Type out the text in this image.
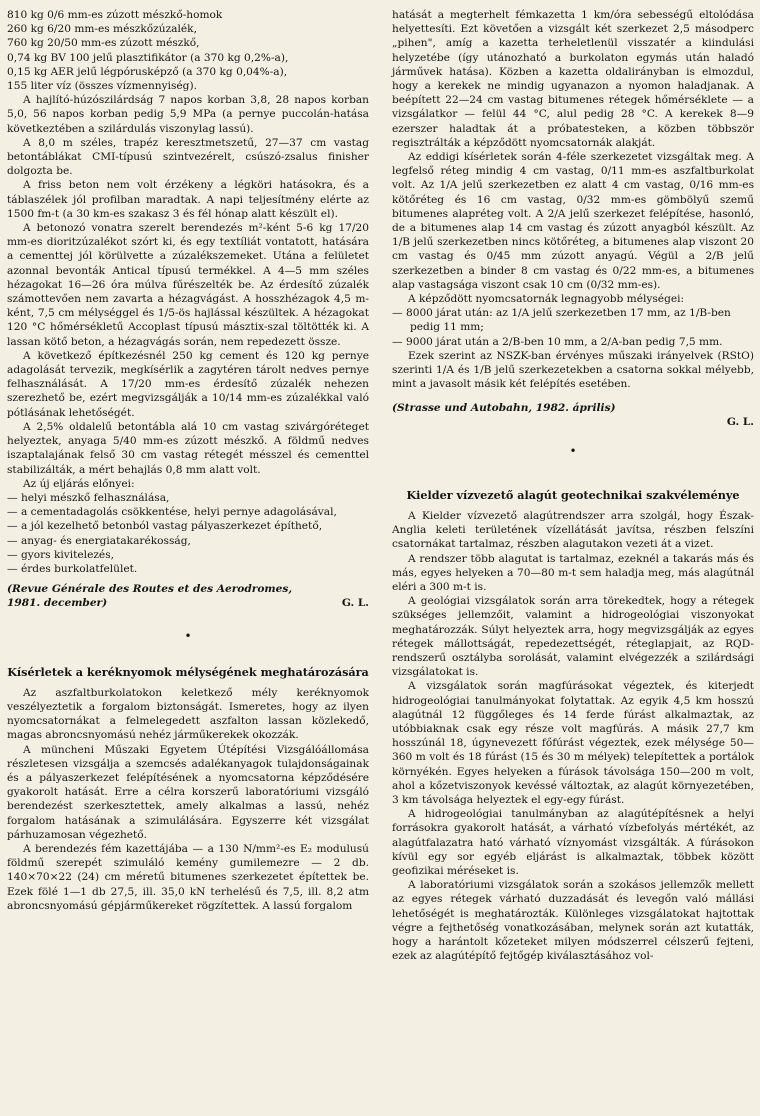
810 kg 0/6 mm-es zúzott mészkő-homok
260 kg 6/20 mm-es mészkőzúzalék,
760 kg 20/50 mm-es zúzott mészkő,
0,74 kg BV 100 jelű plasztifikátor (a 370 kg 0,2%-a),
0,15 kg AER jelű légpórusképző (a 370 kg 0,04%-a),
155 liter víz (összes vízmennyiség).

A hajlító-húzószilárdság 7 napos korban 3,8, 28 napos korban 5,0, 56 napos korban pedig 5,9 MPa (a pernye puccolán-hatása következtében a szilárdulás viszonylag lassú).

A 8,0 m széles, trapéz keresztmetszetű, 27—37 cm vastag betontáblákat CMI-típusú szintvezérelt, csúszó-zsalus finisher dolgozta be.

A friss beton nem volt érzékeny a légköri hatásokra, és a táblaszélek jól profilban maradtak. A napi teljesítmény elérte az 1500 fm-t (a 30 km-es szakasz 3 és fél hónap alatt készült el).

A betonozó vonatra szerelt berendezés m²-ként 5-6 kg 17/20 mm-es dioritzúzalékot szórt ki, és egy textíliát vontatott, hatására a cementtej jól körülvette a zúzalékszemeket. Utána a felületet azonnal bevonták Antical típusú termékkel. A 4—5 mm széles hézagokat 16—26 óra múlva fűrészelték be. Az érdesítő zúzalék számottevően nem zavarta a hézagvágást. A hosszhézagok 4,5 m-ként, 7,5 cm mélységgel és 1/5-ös hajlással készültek. A hézagokat 120 °C hőmérsékletű Accoplast típusú másztix-szal töltötték ki. A lassan kötő beton, a hézagvágás során, nem repedezett össze.

A következő építkezésnél 250 kg cement és 120 kg pernye adagolását tervezik, megkísérlik a zagytéren tárolt nedves pernye felhasználását. A 17/20 mm-es érdesítő zúzalék nehezen szerezhető be, ezért megvizsgálják a 10/14 mm-es zúzalékkal való pótlásának lehetőségét.

A 2,5% oldalelű betontábla alá 10 cm vastag szivárgóréteget helyeztek, anyaga 5/40 mm-es zúzott mészkő. A földmű nedves iszaptalajának felső 30 cm vastag rétegét mésszel és cementtel stabilizálták, a mért behajlás 0,8 mm alatt volt.

Az új eljárás előnyei:

— helyi mészkő felhasználása,
— a cementadagolás csökkentése, helyi pernye adagolásával,
— a jól kezelhető betonból vastag pályaszerkezet építhető,
— anyag- és energiatakarékosság,
— gyors kivitelezés,
— érdes burkolatfelület.
(Revue Générale des Routes et des Aerodromes, 1981. december)	G. L.
•
Kísérletek a keréknyomok mélységének meghatározására

Az aszfaltburkolatokon keletkező mély keréknyomok veszélyeztetik a forgalom biztonságát. Ismeretes, hogy az ilyen nyomcsatornákat a felmelegedett aszfalton lassan közlekedő, magas abroncsnyomású nehéz járműkerekek okozzák.

A müncheni Műszaki Egyetem Útépítési Vizsgálóállomása részletesen vizsgálja a szemcsés adalékanyagok tulajdonságainak és a pályaszerkezet felépítésének a nyomcsatorna képződésére gyakorolt hatását. Erre a célra korszerű laboratóriumi vizsgáló berendezést szerkesztettek, amely alkalmas a lassú, nehéz forgalom hatásának a szimulálására. Egyszerre két vizsgálat párhuzamosan végezhető.

A berendezés fém kazettájába — a 130 N/mm²-es E₂ modulusú földmű szerepét szimuláló kemény gumilemezre — 2 db. 140×70×22 (24) cm méretű bitumenes szerkezetet építettek be. Ezek fölé 1—1 db 27,5, ill. 35,0 kN terhelésű és 7,5, ill. 8,2 atm abroncsnyomású gépjárműkereket rögzítettek. A lassú forgalom

hatását a megterhelt fémkazetta 1 km/óra sebességű eltolódása helyettesíti. Ezt követően a vizsgált két szerkezet 2,5 másodperc „pihen", amíg a kazetta terheletlenül visszatér a kiindulási helyzetébe (így utánozható a burkolaton egymás után haladó járművek hatása). Közben a kazetta oldalirányban is elmozdul, hogy a kerekek ne mindig ugyanazon a nyomon haladjanak. A beépített 22—24 cm vastag bitumenes rétegek hőmérséklete — a vizsgálatkor — felül 44 °C, alul pedig 28 °C. A kerekek 8—9 ezerszer haladtak át a próbatesteken, a közben többször regisztrálták a képződött nyomcsatornák alakját.

Az eddigi kísérletek során 4-féle szerkezetet vizsgáltak meg. A legfelső réteg mindig 4 cm vastag, 0/11 mm-es aszfaltburkolat volt. Az 1/A jelű szerkezetben ez alatt 4 cm vastag, 0/16 mm-es kötőréteg és 16 cm vastag, 0/32 mm-es gömbölyű szemű bitumenes alapréteg volt. A 2/A jelű szerkezet felépítése, hasonló, de a bitumenes alap 14 cm vastag és zúzott anyagból készült. Az 1/B jelű szerkezetben nincs kötőréteg, a bitumenes alap viszont 20 cm vastag és 0/45 mm zúzott anyagú. Végül a 2/B jelű szerkezetben a binder 8 cm vastag és 0/22 mm-es, a bitumenes alap vastagsága viszont csak 10 cm (0/32 mm-es).

A képződött nyomcsatornák legnagyobb mélységei:

— 8000 járat után: az 1/A jelű szerkezetben 17 mm, az 1/B-ben pedig 11 mm;
— 9000 járat után a 2/B-ben 10 mm, a 2/A-ban pedig 7,5 mm.

Ezek szerint az NSZK-ban érvényes műszaki irányelvek (RStO) szerinti 1/A és 1/B jelű szerkezetekben a csatorna sokkal mélyebb, mint a javasolt másik két felépítés esetében.

(Strasse und Autobahn, 1982. április)
G. L.
•
Kielder vízvezető alagút geotechnikai szakvéleménye

A Kielder vízvezető alagútrendszer arra szolgál, hogy Észak-Anglia keleti területének vízellátását javítsa, részben felszíni csatornákat tartalmaz, részben alagutakon vezeti át a vizet.

A rendszer több alagutat is tartalmaz, ezeknél a takarás más és más, egyes helyeken a 70—80 m-t sem haladja meg, más alagútnál eléri a 300 m-t is.

A geológiai vizsgálatok során arra törekedtek, hogy a rétegek szükséges jellemzőit, valamint a hidrogeológiai viszonyokat meghatározzák. Súlyt helyeztek arra, hogy megvizsgálják az egyes rétegek mállottságát, repedezettségét, réteglapjait, az RQD-rendszerű osztályba sorolását, valamint elvégezzék a szilárdsági vizsgálatokat is.

A vizsgálatok során magfúrásokat végeztek, és kiterjedt hidrogeológiai tanulmányokat folytattak. Az egyik 4,5 km hosszú alagútnál 12 függőleges és 14 ferde fúrást alkalmaztak, az utóbbiaknak csak egy része volt magfúrás. A másik 27,7 km hosszúnál 18, úgynevezett főfúrást végeztek, ezek mélysége 50—360 m volt és 18 fúrást (15 és 30 m mélyek) telepítettek a portálok környékén. Egyes helyeken a fúrások távolsága 150—200 m volt, ahol a kőzetviszonyok kevéssé változtak, az alagút környezetében, 3 km távolsága helyeztek el egy-egy fúrást.

A hidrogeológiai tanulmányban az alagútépítésnek a helyi forrásokra gyakorolt hatását, a várható vízbefolyás mértékét, az alagútfalazatra ható várható víznyomást vizsgálták. A fúrásokon kívül egy sor egyéb eljárást is alkalmaztak, többek között geofizikai méréseket is.

A laboratóriumi vizsgálatok során a szokásos jellemzők mellett az egyes rétegek várható duzzadását és levegőn való mállási lehetőségét is meghatározták. Különleges vizsgálatokat hajtottak végre a fejthetőség vonatkozásában, melynek során azt kutatták, hogy a harántolt kőzeteket milyen módszerrel célszerű fejteni, ezek az alagútépítő fejtőgép kiválasztásához vol-
